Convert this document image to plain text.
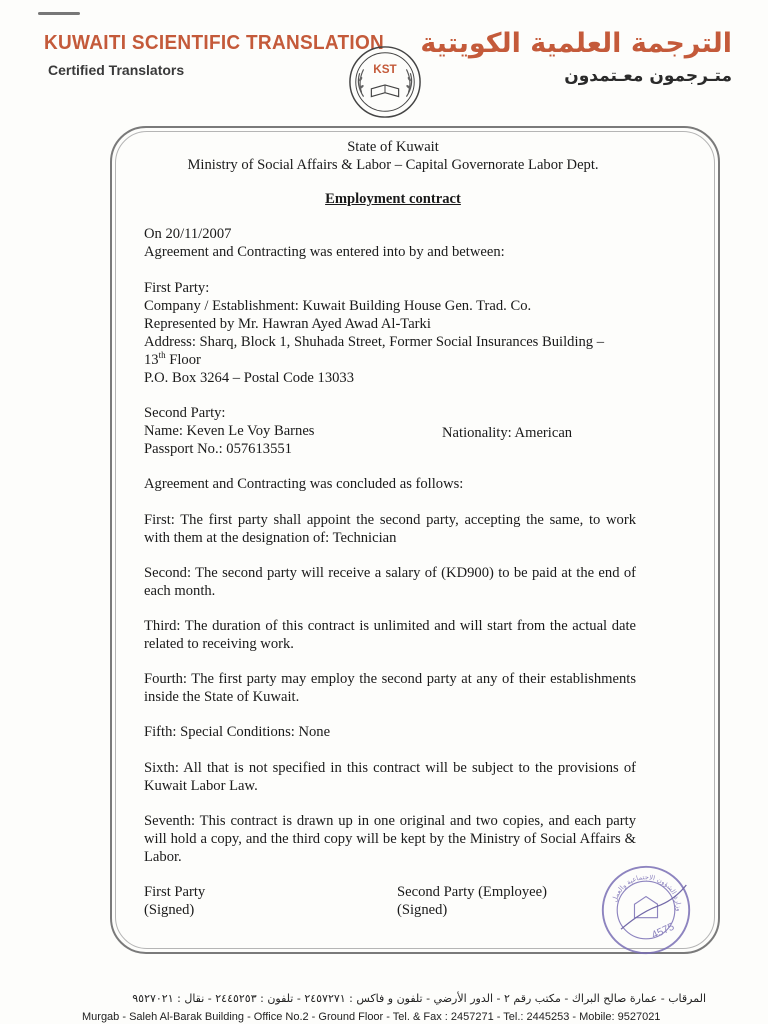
KUWAITI SCIENTIFIC TRANSLATION
Certified Translators
الترجمة العلمية الكويتية
متـرجمون معـتمدون
KST
State of Kuwait
Ministry of Social Affairs & Labor – Capital Governorate Labor Dept.
Employment contract
On 20/11/2007
Agreement and Contracting was entered into by and between:
First Party:
Company / Establishment: Kuwait Building House Gen. Trad. Co.
Represented by Mr. Hawran Ayed Awad Al-Tarki
Address: Sharq, Block 1, Shuhada Street, Former Social Insurances Building –
13th Floor
P.O. Box 3264 – Postal Code 13033
Second Party:
Name: Keven Le Voy Barnes	Nationality: American
Passport No.: 057613551
Agreement and Contracting was concluded as follows:
First: The first party shall appoint the second party, accepting the same, to work with them at the designation of: Technician
Second: The second party will receive a salary of (KD900) to be paid at the end of each month.
Third: The duration of this contract is unlimited and will start from the actual date related to receiving work.
Fourth: The first party may employ the second party at any of their establishments inside the State of Kuwait.
Fifth: Special Conditions: None
Sixth: All that is not specified in this contract will be subject to the provisions of Kuwait Labor Law.
Seventh: This contract is drawn up in one original and two copies, and each party will hold a copy, and the third copy will be kept by the Ministry of Social Affairs & Labor.
First Party
(Signed)
Second Party (Employee)
(Signed)
وزارة الشؤون الاجتماعية والعمل
4575
المرقاب - عمارة صالح البراك - مكتب رقم ٢ - الدور الأرضي - تلفون و فاكس : ٢٤٥٧٢٧١ - تلفون : ٢٤٤٥٢٥٣ - نقال : ٩٥٢٧٠٢١
Murgab - Saleh Al-Barak Building - Office No.2 - Ground Floor - Tel. & Fax : 2457271 - Tel.: 2445253 - Mobile: 9527021
